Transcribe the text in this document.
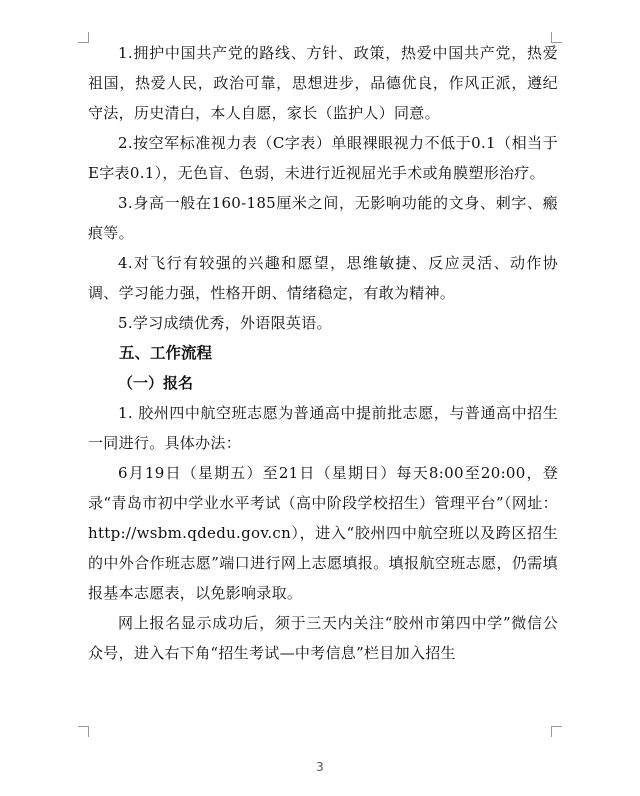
1.拥护中国共产党的路线、方针、政策，热爱中国共产党，热爱祖国，热爱人民，政治可靠，思想进步，品德优良，作风正派，遵纪守法，历史清白，本人自愿，家长（监护人）同意。

2.按空军标准视力表（C字表）单眼裸眼视力不低于0.1（相当于E字表0.1），无色盲、色弱，未进行近视屈光手术或角膜塑形治疗。

3.身高一般在160-185厘米之间，无影响功能的文身、刺字、瘢痕等。

4.对飞行有较强的兴趣和愿望，思维敏捷、反应灵活、动作协调、学习能力强，性格开朗、情绪稳定，有敢为精神。

5.学习成绩优秀，外语限英语。

五、工作流程

（一）报名

1. 胶州四中航空班志愿为普通高中提前批志愿，与普通高中招生一同进行。具体办法：

6月19日（星期五）至21日（星期日）每天8:00至20:00，登录“青岛市初中学业水平考试（高中阶段学校招生）管理平台”（网址：http://wsbm.qdedu.gov.cn），进入“胶州四中航空班以及跨区招生的中外合作班志愿”端口进行网上志愿填报。填报航空班志愿，仍需填报基本志愿表，以免影响录取。

网上报名显示成功后，须于三天内关注“胶州市第四中学”微信公众号，进入右下角“招生考试—中考信息”栏目加入招生

3
